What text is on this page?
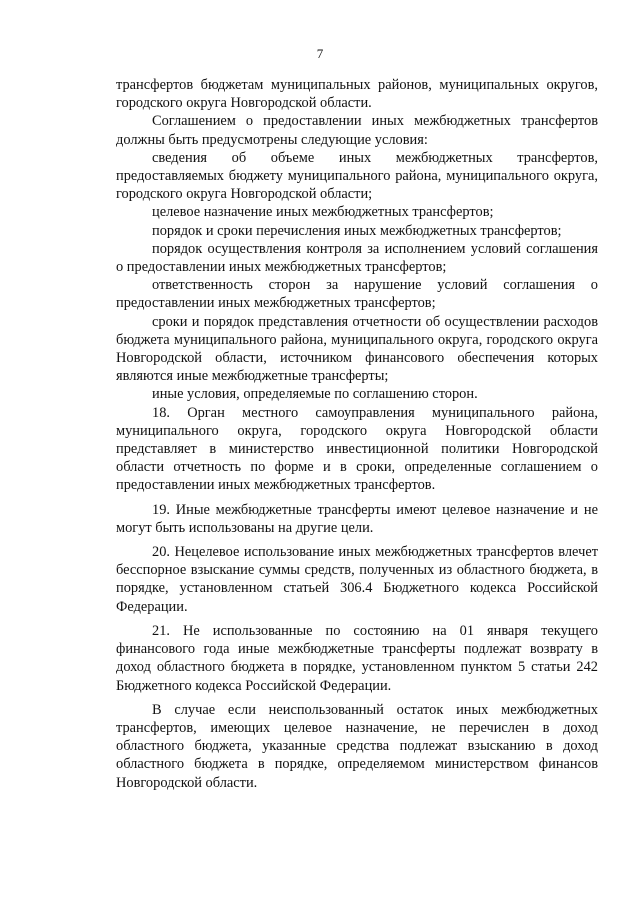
7

трансфертов бюджетам муниципальных районов, муниципальных округов, городского округа Новгородской области.

Соглашением о предоставлении иных межбюджетных трансфертов должны быть предусмотрены следующие условия:

сведения об объеме иных межбюджетных трансфертов, предоставляемых бюджету муниципального района, муниципального округа, городского округа Новгородской области;

целевое назначение иных межбюджетных трансфертов;

порядок и сроки перечисления иных межбюджетных трансфертов;

порядок осуществления контроля за исполнением условий соглашения о предоставлении иных межбюджетных трансфертов;

ответственность сторон за нарушение условий соглашения о предоставлении иных межбюджетных трансфертов;

сроки и порядок представления отчетности об осуществлении расходов бюджета муниципального района, муниципального округа, городского округа Новгородской области, источником финансового обеспечения которых являются иные межбюджетные трансферты;

иные условия, определяемые по соглашению сторон.

18. Орган местного самоуправления муниципального района, муниципального округа, городского округа Новгородской области представляет в министерство инвестиционной политики Новгородской области отчетность по форме и в сроки, определенные соглашением о предоставлении иных межбюджетных трансфертов.

19. Иные межбюджетные трансферты имеют целевое назначение и не могут быть использованы на другие цели.

20. Нецелевое использование иных межбюджетных трансфертов влечет бесспорное взыскание суммы средств, полученных из областного бюджета, в порядке, установленном статьей 306.4 Бюджетного кодекса Российской Федерации.

21. Не использованные по состоянию на 01 января текущего финансового года иные межбюджетные трансферты подлежат возврату в доход областного бюджета в порядке, установленном пунктом 5 статьи 242 Бюджетного кодекса Российской Федерации.

В случае если неиспользованный остаток иных межбюджетных трансфертов, имеющих целевое назначение, не перечислен в доход областного бюджета, указанные средства подлежат взысканию в доход областного бюджета в порядке, определяемом министерством финансов Новгородской области.
